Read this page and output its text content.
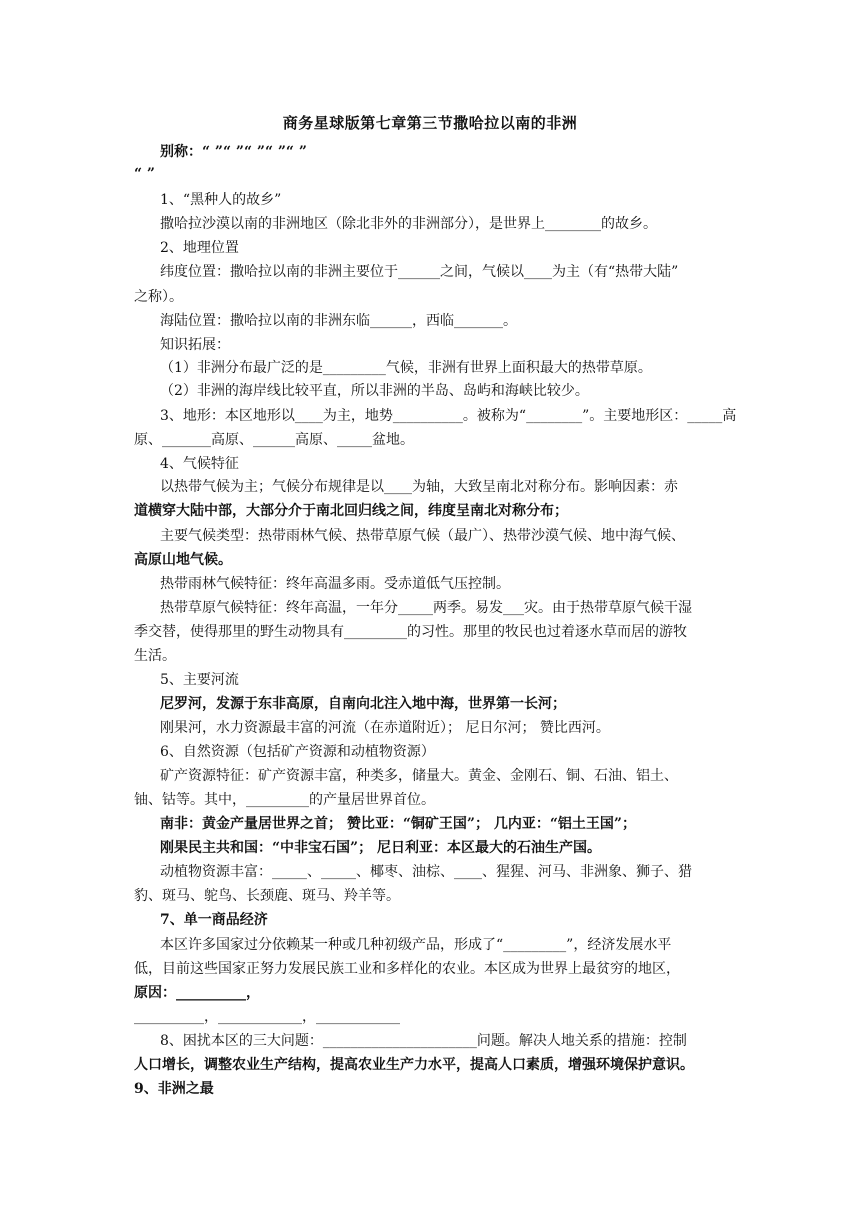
商务星球版第七章第三节撒哈拉以南的非洲
别称：“ ”“ ”“ ”“ ”“ ”
“ ”
1、“黑种人的故乡”
撒哈拉沙漠以南的非洲地区（除北非外的非洲部分），是世界上________的故乡。
2、地理位置
纬度位置：撒哈拉以南的非洲主要位于______之间，气候以____为主（有“热带大陆”
之称）。
海陆位置：撒哈拉以南的非洲东临______，西临_______。
知识拓展：
（1）非洲分布最广泛的是_________气候，非洲有世界上面积最大的热带草原。
（2）非洲的海岸线比较平直，所以非洲的半岛、岛屿和海峡比较少。
3、地形：本区地形以____为主，地势__________。被称为“________”。主要地形区：_____高
原、_______高原、______高原、_____盆地。
4、气候特征
以热带气候为主；气候分布规律是以____为轴，大致呈南北对称分布。影响因素：赤
道横穿大陆中部，大部分介于南北回归线之间，纬度呈南北对称分布；
主要气候类型：热带雨林气候、热带草原气候（最广）、热带沙漠气候、地中海气候、
高原山地气候。
热带雨林气候特征：终年高温多雨。受赤道低气压控制。
热带草原气候特征：终年高温，一年分_____两季。易发___灾。由于热带草原气候干湿
季交替，使得那里的野生动物具有_________的习性。那里的牧民也过着逐水草而居的游牧
生活。
5、主要河流
尼罗河，发源于东非高原，自南向北注入地中海，世界第一长河；
刚果河，水力资源最丰富的河流（在赤道附近）； 尼日尔河； 赞比西河。
6、自然资源（包括矿产资源和动植物资源）
矿产资源特征：矿产资源丰富，种类多，储量大。黄金、金刚石、铜、石油、铝土、
铀、钴等。其中，_________的产量居世界首位。
南非：黄金产量居世界之首； 赞比亚：“铜矿王国”； 几内亚：“铝土王国”；
刚果民主共和国：“中非宝石国”； 尼日利亚：本区最大的石油生产国。
动植物资源丰富：_____、_____、椰枣、油棕、____、猩猩、河马、非洲象、狮子、猎
豹、斑马、鸵鸟、长颈鹿、斑马、羚羊等。
7、单一商品经济
本区许多国家过分依赖某一种或几种初级产品，形成了“_________”，经济发展水平
低，目前这些国家正努力发展民族工业和多样化的农业。本区成为世界上最贫穷的地区，
原因：__________，
__________，____________，____________
8、困扰本区的三大问题：______________________问题。解决人地关系的措施：控制
人口增长，调整农业生产结构，提高农业生产力水平，提高人口素质，增强环境保护意识。
9、非洲之最
